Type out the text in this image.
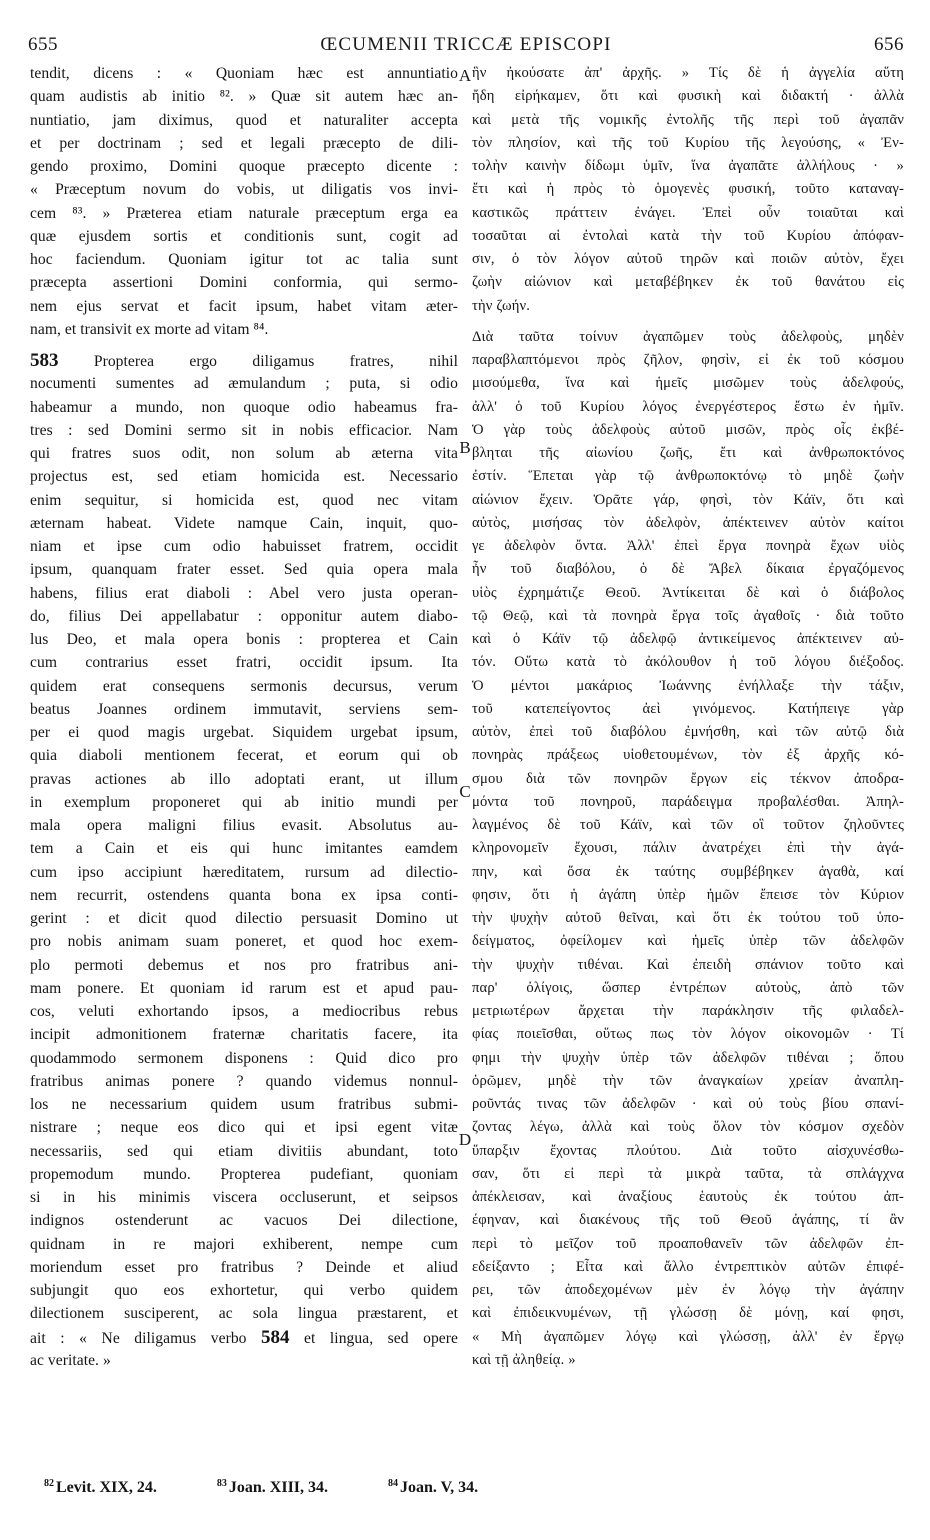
655	ŒCUMENII TRICCÆ EPISCOPI	656
tendit, dicens : « Quoniam hæc est annuntiatio
quam audistis ab initio ⁸². » Quæ sit autem hæc an-
nuntiatio, jam diximus, quod et naturaliter accepta
et per doctrinam ; sed et legali præcepto de dili-
gendo proximo, Domini quoque præcepto dicente :
« Præceptum novum do vobis, ut diligatis vos invi-
cem ⁸³. » Præterea etiam naturale præceptum erga ea
quæ ejusdem sortis et conditionis sunt, cogit ad
hoc faciendum. Quoniam igitur tot ac talia sunt
præcepta assertioni Domini conformia, qui sermo-
nem ejus servat et facit ipsum, habet vitam æter-
nam, et transivit ex morte ad vitam ⁸⁴.
583 Propterea ergo diligamus fratres, nihil
nocumenti sumentes ad æmulandum ; puta, si odio
habeamur a mundo, non quoque odio habeamus fra-
tres : sed Domini sermo sit in nobis efficacior. Nam
qui fratres suos odit, non solum ab æterna vita
projectus est, sed etiam homicida est. Necessario
enim sequitur, si homicida est, quod nec vitam
æternam habeat. Videte namque Cain, inquit, quo-
niam et ipse cum odio habuisset fratrem, occidit
ipsum, quanquam frater esset. Sed quia opera mala
habens, filius erat diaboli : Abel vero justa operan-
do, filius Dei appellabatur : opponitur autem diabo-
lus Deo, et mala opera bonis : propterea et Cain
cum contrarius esset fratri, occidit ipsum. Ita
quidem erat consequens sermonis decursus, verum
beatus Joannes ordinem immutavit, serviens sem-
per ei quod magis urgebat. Siquidem urgebat ipsum,
quia diaboli mentionem fecerat, et eorum qui ob
pravas actiones ab illo adoptati erant, ut illum
in exemplum proponeret qui ab initio mundi per
mala opera maligni filius evasit. Absolutus au-
tem a Cain et eis qui hunc imitantes eamdem
cum ipso accipiunt hæreditatem, rursum ad dilectio-
nem recurrit, ostendens quanta bona ex ipsa conti-
gerint : et dicit quod dilectio persuasit Domino ut
pro nobis animam suam poneret, et quod hoc exem-
plo permoti debemus et nos pro fratribus ani-
mam ponere. Et quoniam id rarum est et apud pau-
cos, veluti exhortando ipsos, a mediocribus rebus
incipit admonitionem fraternæ charitatis facere, ita
quodammodo sermonem disponens : Quid dico pro
fratribus animas ponere ? quando videmus nonnul-
los ne necessarium quidem usum fratribus submi-
nistrare ; neque eos dico qui et ipsi egent vitæ
necessariis, sed qui etiam divitiis abundant, toto
propemodum mundo. Propterea pudefiant, quoniam
si in his minimis viscera occluserunt, et seipsos
indignos ostenderunt ac vacuos Dei dilectione,
quidnam in re majori exhiberent, nempe cum
moriendum esset pro fratribus ? Deinde et aliud
subjungit quo eos exhortetur, qui verbo quidem
dilectionem susciperent, ac sola lingua præstarent, et
ait : « Ne diligamus verbo 584 et lingua, sed opere
ac veritate. »
A
B
C
D
ἣν ἠκούσατε ἀπ' ἀρχῆς. » Τίς δὲ ἡ ἀγγελία αὕτη
ἤδη εἰρήκαμεν, ὅτι καὶ φυσικὴ καὶ διδακτή · ἀλλὰ
καὶ μετὰ τῆς νομικῆς ἐντολῆς τῆς περὶ τοῦ ἀγαπᾶν
τὸν πλησίον, καὶ τῆς τοῦ Κυρίου τῆς λεγούσης, « Ἐν-
τολὴν καινὴν δίδωμι ὑμῖν, ἵνα ἀγαπᾶτε ἀλλήλους · »
ἔτι καὶ ἡ πρὸς τὸ ὁμογενὲς φυσική, τοῦτο καταναγ-
καστικῶς πράττειν ἐνάγει. Ἐπεὶ οὖν τοιαῦται καὶ
τοσαῦται αἱ ἐντολαὶ κατὰ τὴν τοῦ Κυρίου ἀπόφαν-
σιν, ὁ τὸν λόγον αὐτοῦ τηρῶν καὶ ποιῶν αὐτὸν, ἔχει
ζωὴν αἰώνιον καὶ μεταβέβηκεν ἐκ τοῦ θανάτου εἰς
τὴν ζωήν.
Διὰ ταῦτα τοίνυν ἀγαπῶμεν τοὺς ἀδελφοὺς, μηδὲν
παραβλαπτόμενοι πρὸς ζῆλον, φησὶν, εἰ ἐκ τοῦ κόσμου
μισούμεθα, ἵνα καὶ ἡμεῖς μισῶμεν τοὺς ἀδελφούς,
ἀλλ' ὁ τοῦ Κυρίου λόγος ἐνεργέστερος ἔστω ἐν ἡμῖν.
Ὁ γὰρ τοὺς ἀδελφοὺς αὐτοῦ μισῶν, πρὸς οἷς ἐκβέ-
βληται τῆς αἰωνίου ζωῆς, ἔτι καὶ ἀνθρωποκτόνος
ἐστίν. Ἕπεται γὰρ τῷ ἀνθρωποκτόνῳ τὸ μηδὲ ζωὴν
αἰώνιον ἔχειν. Ὁρᾶτε γάρ, φησὶ, τὸν Κάϊν, ὅτι καὶ
αὐτὸς, μισήσας τὸν ἀδελφὸν, ἀπέκτεινεν αὐτὸν καίτοι
γε ἀδελφὸν ὄντα. Ἀλλ' ἐπεὶ ἔργα πονηρὰ ἔχων υἱὸς
ἦν τοῦ διαβόλου, ὁ δὲ Ἄβελ δίκαια ἐργαζόμενος
υἱὸς ἐχρημάτιζε Θεοῦ. Ἀντίκειται δὲ καὶ ὁ διάβολος
τῷ Θεῷ, καὶ τὰ πονηρὰ ἔργα τοῖς ἀγαθοῖς · διὰ τοῦτο
καὶ ὁ Κάϊν τῷ ἀδελφῷ ἀντικείμενος ἀπέκτεινεν αὐ-
τόν. Οὕτω κατὰ τὸ ἀκόλουθον ἡ τοῦ λόγου διέξοδος.
Ὁ μέντοι μακάριος Ἰωάννης ἐνήλλαξε τὴν τάξιν,
τοῦ κατεπείγοντος ἀεὶ γινόμενος. Κατήπειγε γὰρ
αὐτὸν, ἐπεὶ τοῦ διαβόλου ἐμνήσθη, καὶ τῶν αὐτῷ διὰ
πονηρὰς πράξεως υἱοθετουμένων, τὸν ἐξ ἀρχῆς κό-
σμου διὰ τῶν πονηρῶν ἔργων εἰς τέκνον ἀποδρα-
μόντα τοῦ πονηροῦ, παράδειγμα προβαλέσθαι. Ἀπηλ-
λαγμένος δὲ τοῦ Κάϊν, καὶ τῶν οἳ τοῦτον ζηλοῦντες
κληρονομεῖν ἔχουσι, πάλιν ἀνατρέχει ἐπὶ τὴν ἀγά-
πην, καὶ ὅσα ἐκ ταύτης συμβέβηκεν ἀγαθὰ, καί
φησιν, ὅτι ἡ ἀγάπη ὑπὲρ ἡμῶν ἔπεισε τὸν Κύριον
τὴν ψυχὴν αὐτοῦ θεῖναι, καὶ ὅτι ἐκ τούτου τοῦ ὑπο-
δείγματος, ὀφείλομεν καὶ ἡμεῖς ὑπὲρ τῶν ἀδελφῶν
τὴν ψυχὴν τιθέναι. Καὶ ἐπειδὴ σπάνιον τοῦτο καὶ
παρ' ὀλίγοις, ὥσπερ ἐντρέπων αὐτοὺς, ἀπὸ τῶν
μετριωτέρων ἄρχεται τὴν παράκλησιν τῆς φιλαδελ-
φίας ποιεῖσθαι, οὕτως πως τὸν λόγον οἰκονομῶν · Τί
φημι τὴν ψυχὴν ὑπὲρ τῶν ἀδελφῶν τιθέναι ; ὅπου
ὁρῶμεν, μηδὲ τὴν τῶν ἀναγκαίων χρείαν ἀναπλη-
ροῦντάς τινας τῶν ἀδελφῶν · καὶ οὐ τοὺς βίου σπανί-
ζοντας λέγω, ἀλλὰ καὶ τοὺς ὅλον τὸν κόσμον σχεδὸν
ὕπαρξιν ἔχοντας πλούτου. Διὰ τοῦτο αἰσχυνέσθω-
σαν, ὅτι εἰ περὶ τὰ μικρὰ ταῦτα, τὰ σπλάγχνα
ἀπέκλεισαν, καὶ ἀναξίους ἑαυτοὺς ἐκ τούτου ἀπ-
έφηναν, καὶ διακένους τῆς τοῦ Θεοῦ ἀγάπης, τί ἂν
περὶ τὸ μεῖζον τοῦ προαποθανεῖν τῶν ἀδελφῶν ἐπ-
εδείξαντο ; Εἶτα καὶ ἄλλο ἐντρεπτικὸν αὐτῶν ἐπιφέ-
ρει, τῶν ἀποδεχομένων μὲν ἐν λόγῳ τὴν ἀγάπην
καὶ ἐπιδεικνυμένων, τῇ γλώσσῃ δὲ μόνῃ, καί φησι,
« Μὴ ἀγαπῶμεν λόγῳ καὶ γλώσσῃ, ἀλλ' ἐν ἔργῳ
καὶ τῇ ἀληθείᾳ. »
$^{82}$ Levit. XIX, 24.	$^{83}$ Joan. XIII, 34.	$^{84}$ Joan. V, 34.
